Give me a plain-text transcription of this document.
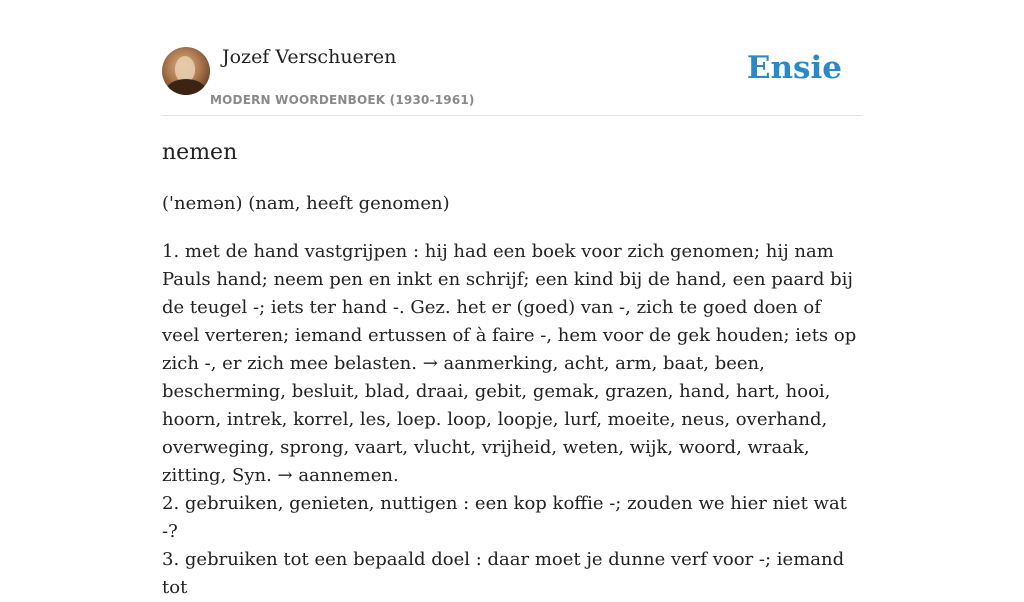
Jozef Verschueren
MODERN WOORDENBOEK (1930-1961)
Ensie
nemen
('nemən) (nam, heeft genomen)

1. met de hand vastgrijpen : hij had een boek voor zich genomen; hij nam Pauls hand; neem pen en inkt en schrijf; een kind bij de hand, een paard bij de teugel -; iets ter hand -. Gez. het er (goed) van -, zich te goed doen of veel verteren; iemand ertussen of à faire -, hem voor de gek houden; iets op zich -, er zich mee belasten. → aanmerking, acht, arm, baat, been, bescherming, besluit, blad, draai, gebit, gemak, grazen, hand, hart, hooi, hoorn, intrek, korrel, les, loep. loop, loopje, lurf, moeite, neus, overhand, overweging, sprong, vaart, vlucht, vrijheid, weten, wijk, woord, wraak, zitting, Syn. → aannemen.

2. gebruiken, genieten, nuttigen : een kop koffie -; zouden we hier niet wat -?

3. gebruiken tot een bepaald doel : daar moet je dunne verf voor -; iemand tot
